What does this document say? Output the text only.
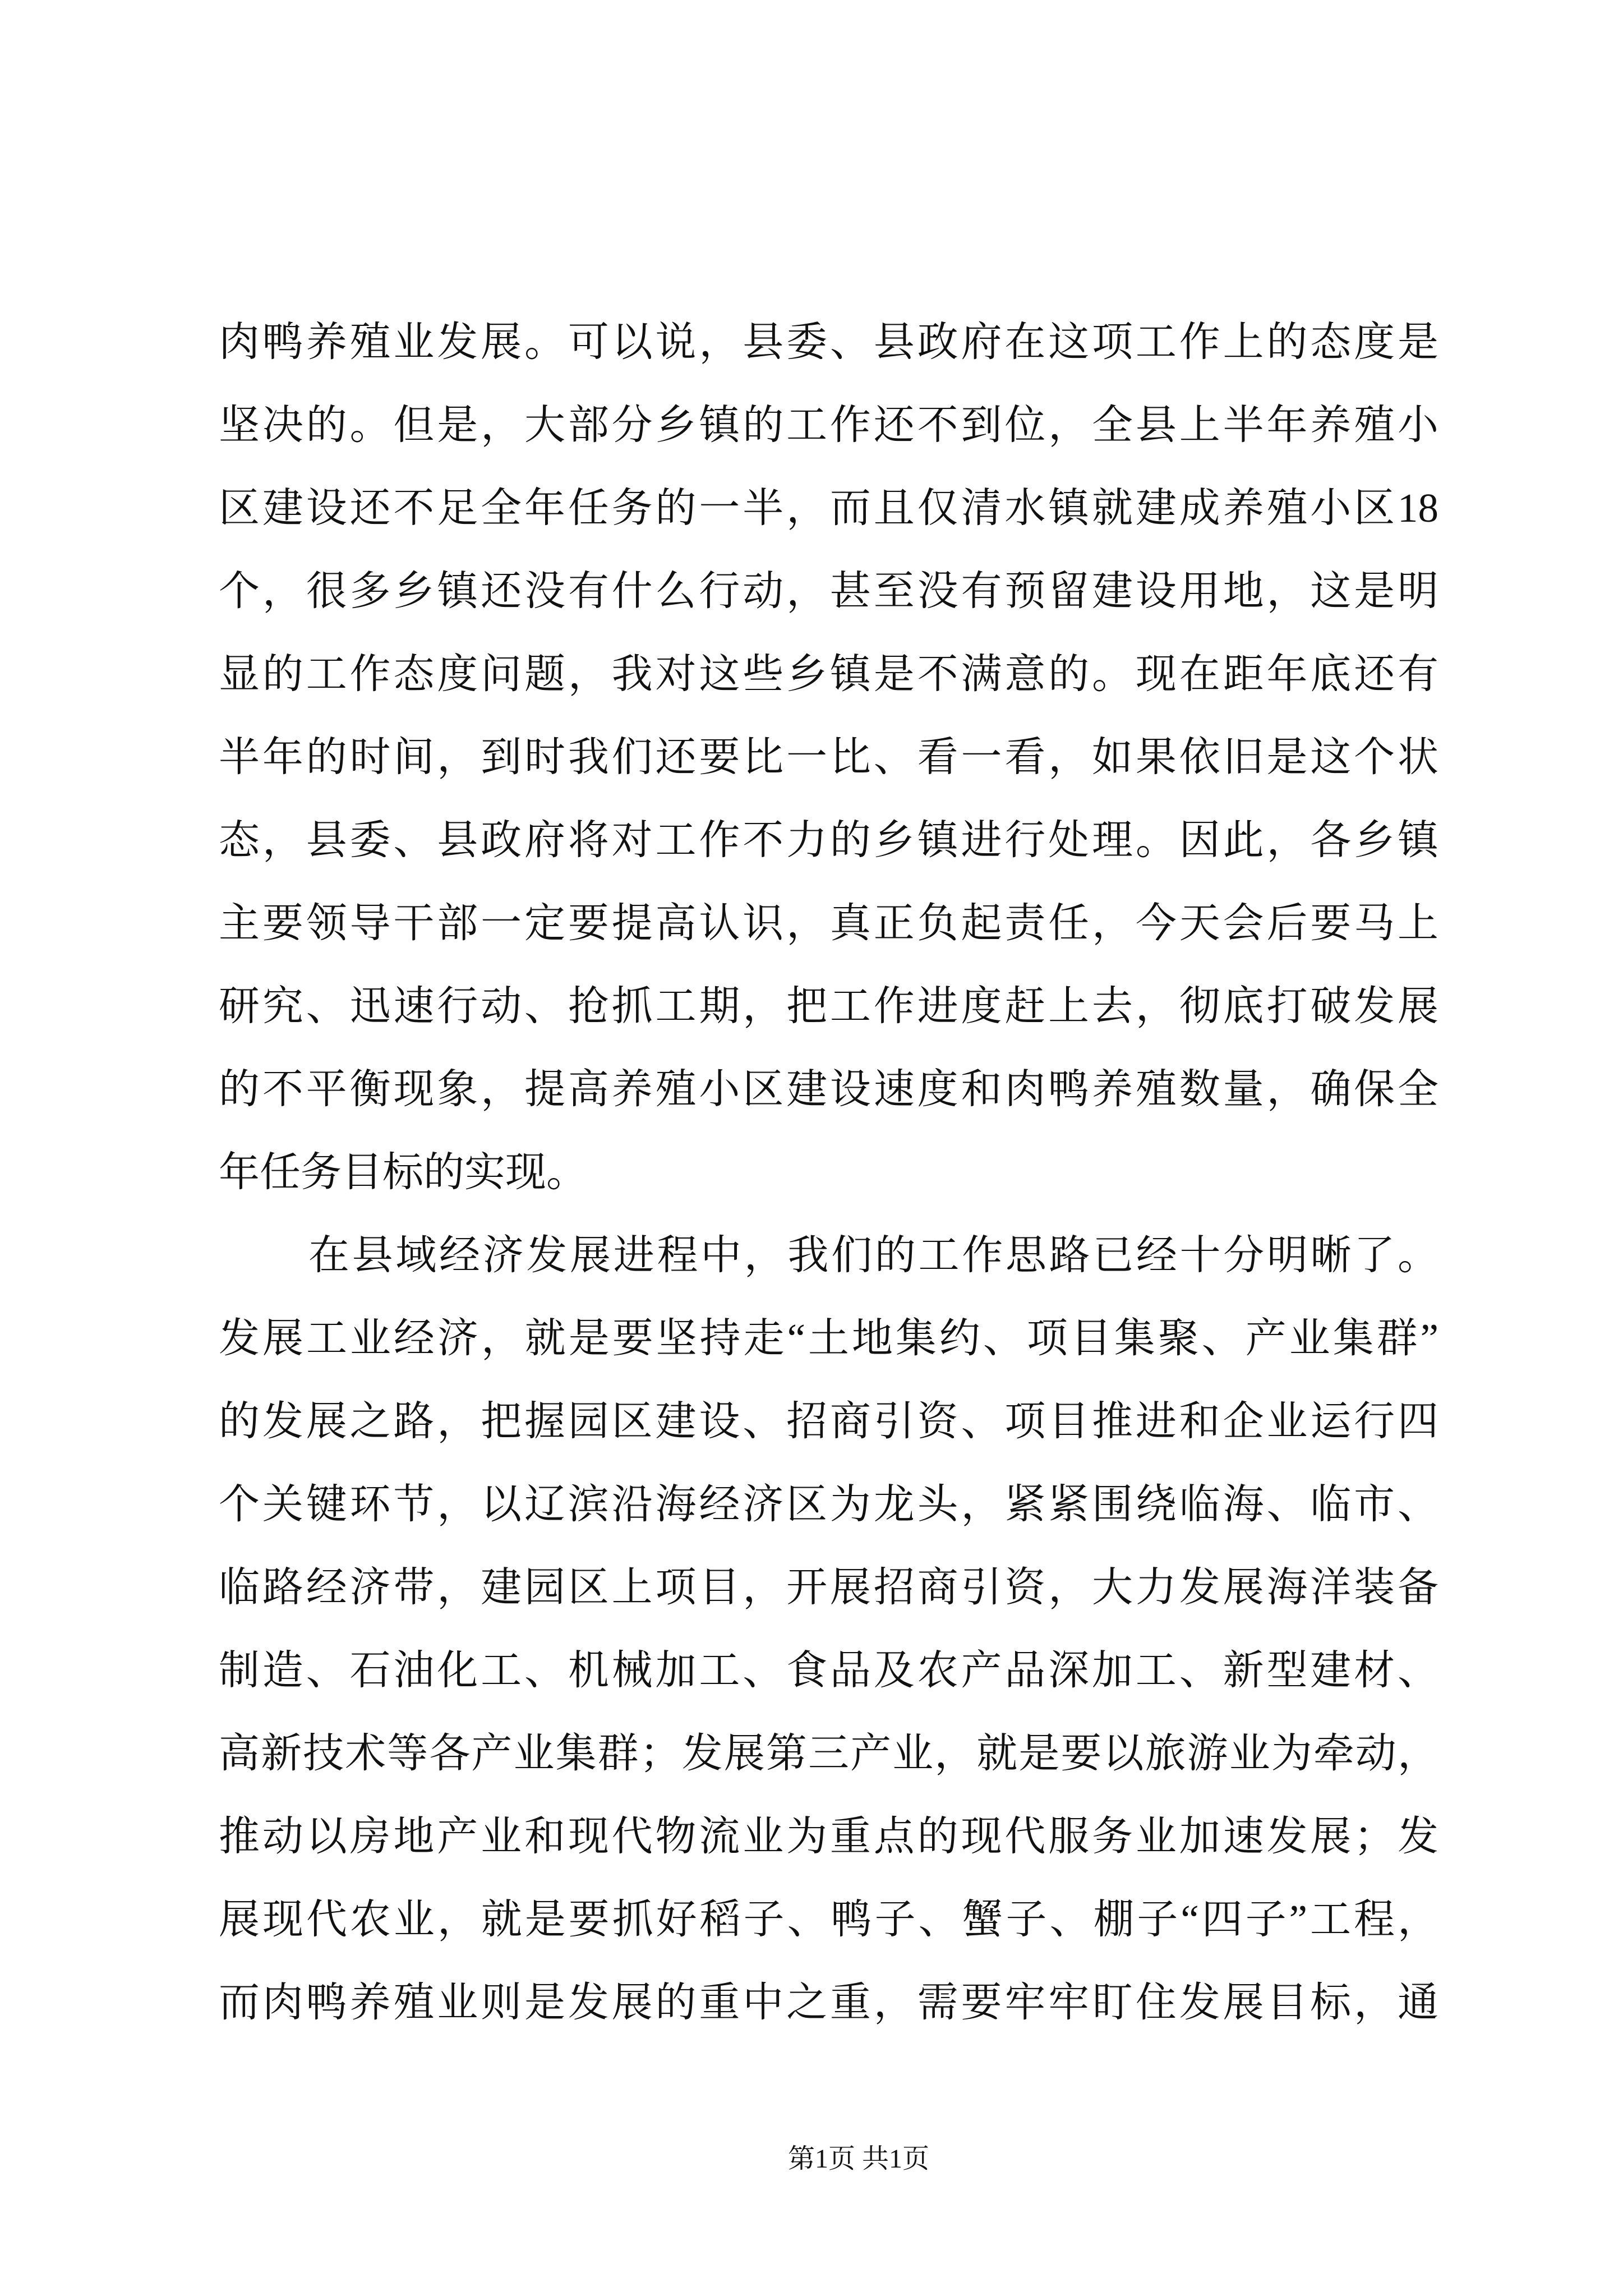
肉鸭养殖业发展。可以说，县委、县政府在这项工作上的态度是
坚决的。但是，大部分乡镇的工作还不到位，全县上半年养殖小
区建设还不足全年任务的一半，而且仅清水镇就建成养殖小区18
个，很多乡镇还没有什么行动，甚至没有预留建设用地，这是明
显的工作态度问题，我对这些乡镇是不满意的。现在距年底还有
半年的时间，到时我们还要比一比、看一看，如果依旧是这个状
态，县委、县政府将对工作不力的乡镇进行处理。因此，各乡镇
主要领导干部一定要提高认识，真正负起责任，今天会后要马上
研究、迅速行动、抢抓工期，把工作进度赶上去，彻底打破发展
的不平衡现象，提高养殖小区建设速度和肉鸭养殖数量，确保全
年任务目标的实现。
在县域经济发展进程中，我们的工作思路已经十分明晰了。
发展工业经济，就是要坚持走“土地集约、项目集聚、产业集群”
的发展之路，把握园区建设、招商引资、项目推进和企业运行四
个关键环节，以辽滨沿海经济区为龙头，紧紧围绕临海、临市、
临路经济带，建园区上项目，开展招商引资，大力发展海洋装备
制造、石油化工、机械加工、食品及农产品深加工、新型建材、
高新技术等各产业集群；发展第三产业，就是要以旅游业为牵动，
推动以房地产业和现代物流业为重点的现代服务业加速发展；发
展现代农业，就是要抓好稻子、鸭子、蟹子、棚子“四子”工程，
而肉鸭养殖业则是发展的重中之重，需要牢牢盯住发展目标，通
第1页 共1页
